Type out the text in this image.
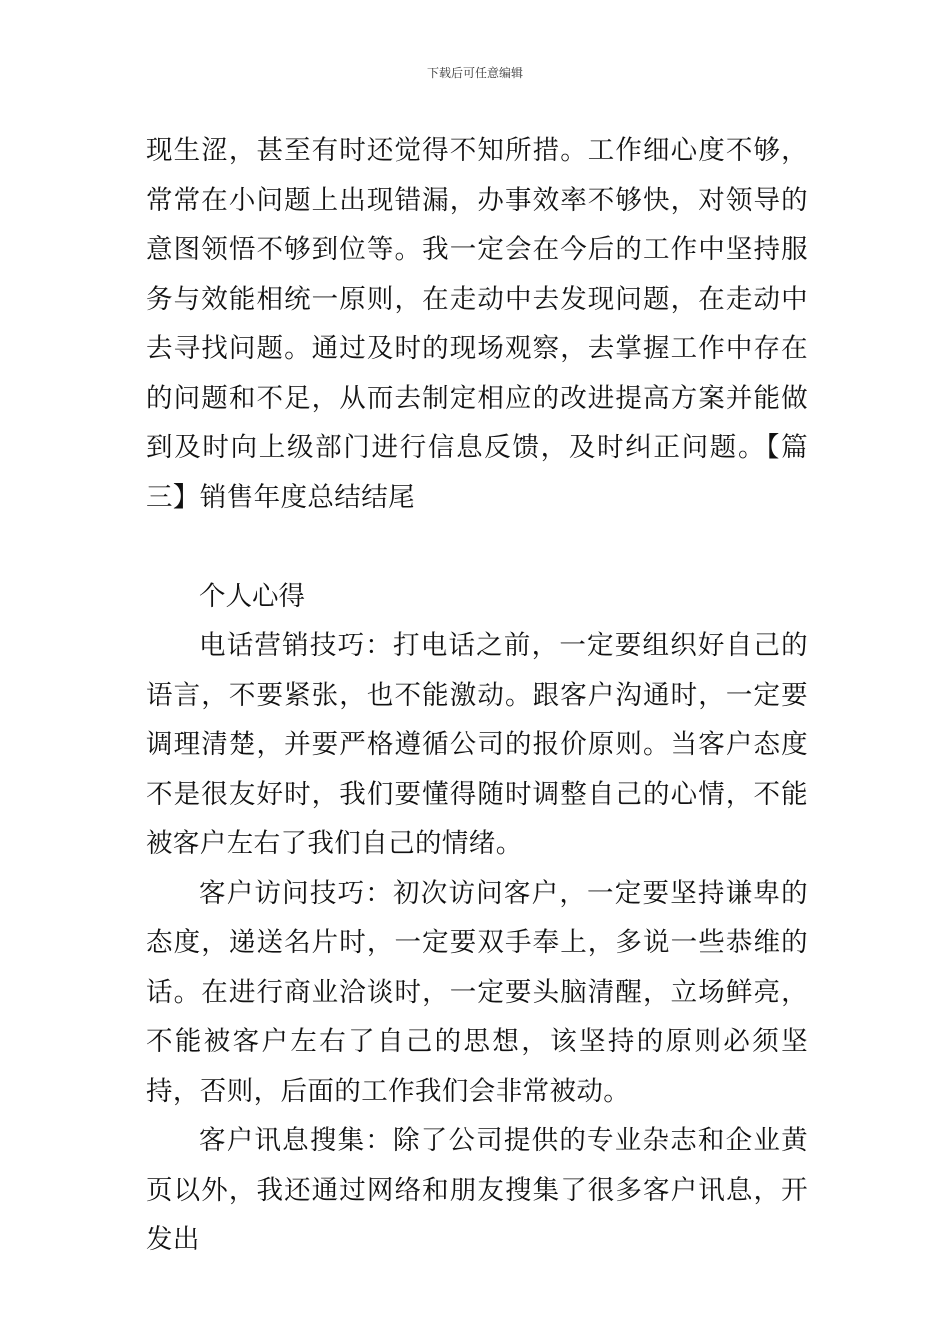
下载后可任意编辑

现生涩，甚至有时还觉得不知所措。工作细心度不够，常常在小问题上出现错漏，办事效率不够快，对领导的意图领悟不够到位等。我一定会在今后的工作中坚持服务与效能相统一原则，在走动中去发现问题，在走动中去寻找问题。通过及时的现场观察，去掌握工作中存在的问题和不足，从而去制定相应的改进提高方案并能做到及时向上级部门进行信息反馈，及时纠正问题。【篇三】销售年度总结结尾

个人心得

电话营销技巧：打电话之前，一定要组织好自己的语言，不要紧张，也不能激动。跟客户沟通时，一定要调理清楚，并要严格遵循公司的报价原则。当客户态度不是很友好时，我们要懂得随时调整自己的心情，不能被客户左右了我们自己的情绪。

客户访问技巧：初次访问客户，一定要坚持谦卑的态度，递送名片时，一定要双手奉上，多说一些恭维的话。在进行商业洽谈时，一定要头脑清醒，立场鲜亮，不能被客户左右了自己的思想，该坚持的原则必须坚持，否则，后面的工作我们会非常被动。

客户讯息搜集：除了公司提供的专业杂志和企业黄页以外，我还通过网络和朋友搜集了很多客户讯息，开发出
